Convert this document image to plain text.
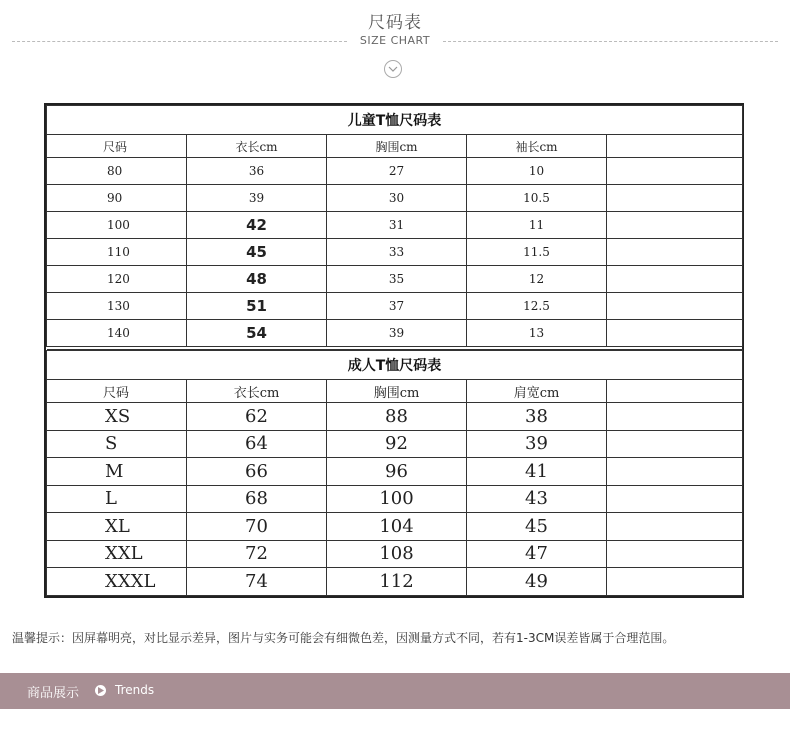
尺码表
SIZE CHART
儿童T恤尺码表				
尺码	衣长cm	胸围cm	袖长cm	
80	36	27	10	
90	39	30	10.5	
100	42	31	11	
110	45	33	11.5	
120	48	35	12	
130	51	37	12.5	
140	54	39	13	

成人T恤尺码表				
尺码	衣长cm	胸围cm	肩宽cm	
XS	62	88	38	
S	64	92	39	
M	66	96	41	
L	68	100	43	
XL	70	104	45	
XXL	72	108	47	
XXXL	74	112	49	
温馨提示：因屏幕明亮，对比显示差异，图片与实务可能会有细微色差，因测量方式不同，若有1-3CM误差皆属于合理范围。
商品展示	Trends
